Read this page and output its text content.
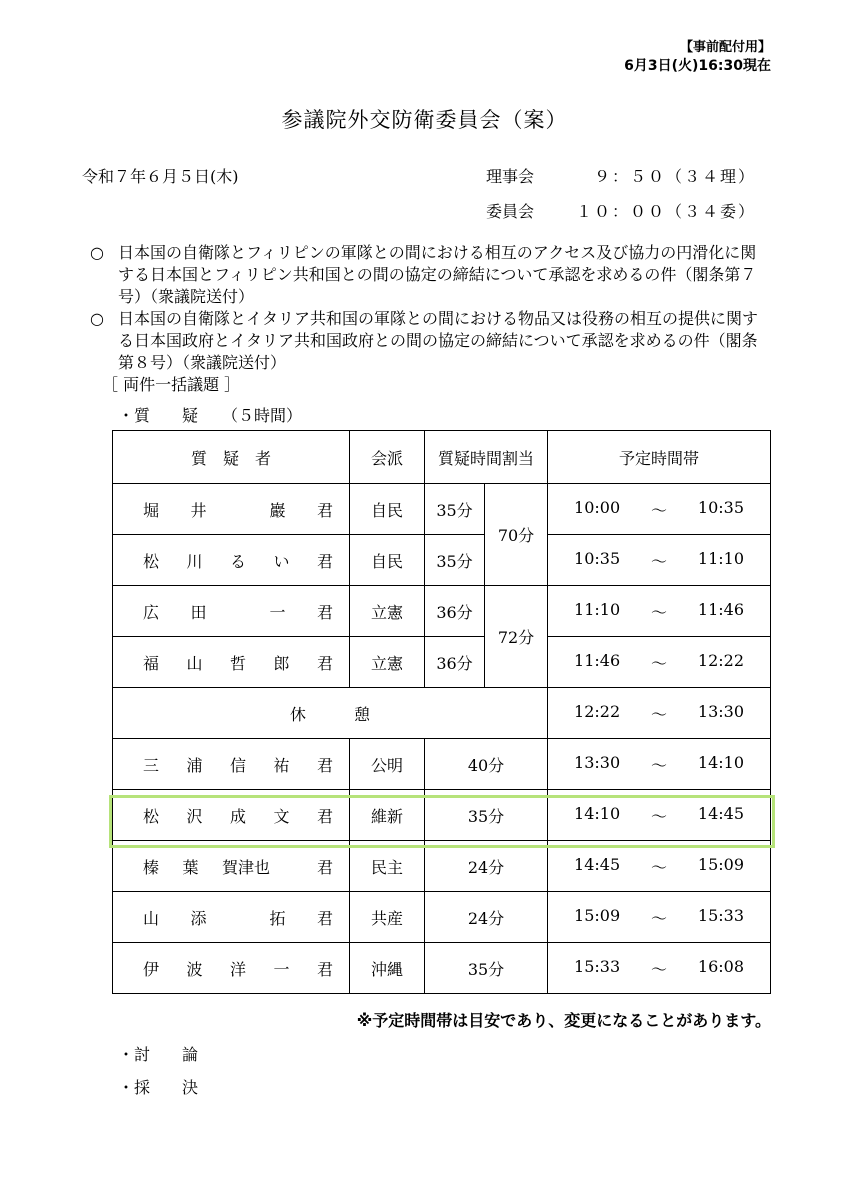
【事前配付用】
6月3日(火)16:30現在
参議院外交防衛委員会（案）
令和７年６月５日(木)	理事会	　９：５０（３４理）
委員会	１０：００（３４委）
○ 日本国の自衛隊とフィリピンの軍隊との間における相互のアクセス及び協力の円滑化に関する日本国とフィリピン共和国との間の協定の締結について承認を求めるの件（閣条第７号）（衆議院送付）
○ 日本国の自衛隊とイタリア共和国の軍隊との間における物品又は役務の相互の提供に関する日本国政府とイタリア共和国政府との間の協定の締結について承認を求めるの件（閣条第８号）（衆議院送付）
［ 両件一括議題 ］
・質　　疑 （５時間）
質　疑　者	会派	質疑時間割当		予定時間帯

堀 井 巖 君	自民	35分	70分	10:00 ～ 10:35

松 川 る い 君	自民	35分		10:35 ～ 11:10

広 田 一 君	立憲	36分	72分	11:10 ～ 11:46

福 山 哲 郎 君	立憲	36分		11:46 ～ 12:22

休　　　憩				12:22 ～ 13:30

三 浦 信 祐 君	公明	40分		13:30 ～ 14:10

松 沢 成 文 君	維新	35分		14:10 ～ 14:45

榛 葉 賀津也 君	民主	24分		14:45 ～ 15:09

山 添 拓 君	共産	24分		15:09 ～ 15:33

伊 波 洋 一 君	沖縄	35分		15:33 ～ 16:08
※予定時間帯は目安であり、変更になることがあります。
・討　　論
・採　　決
